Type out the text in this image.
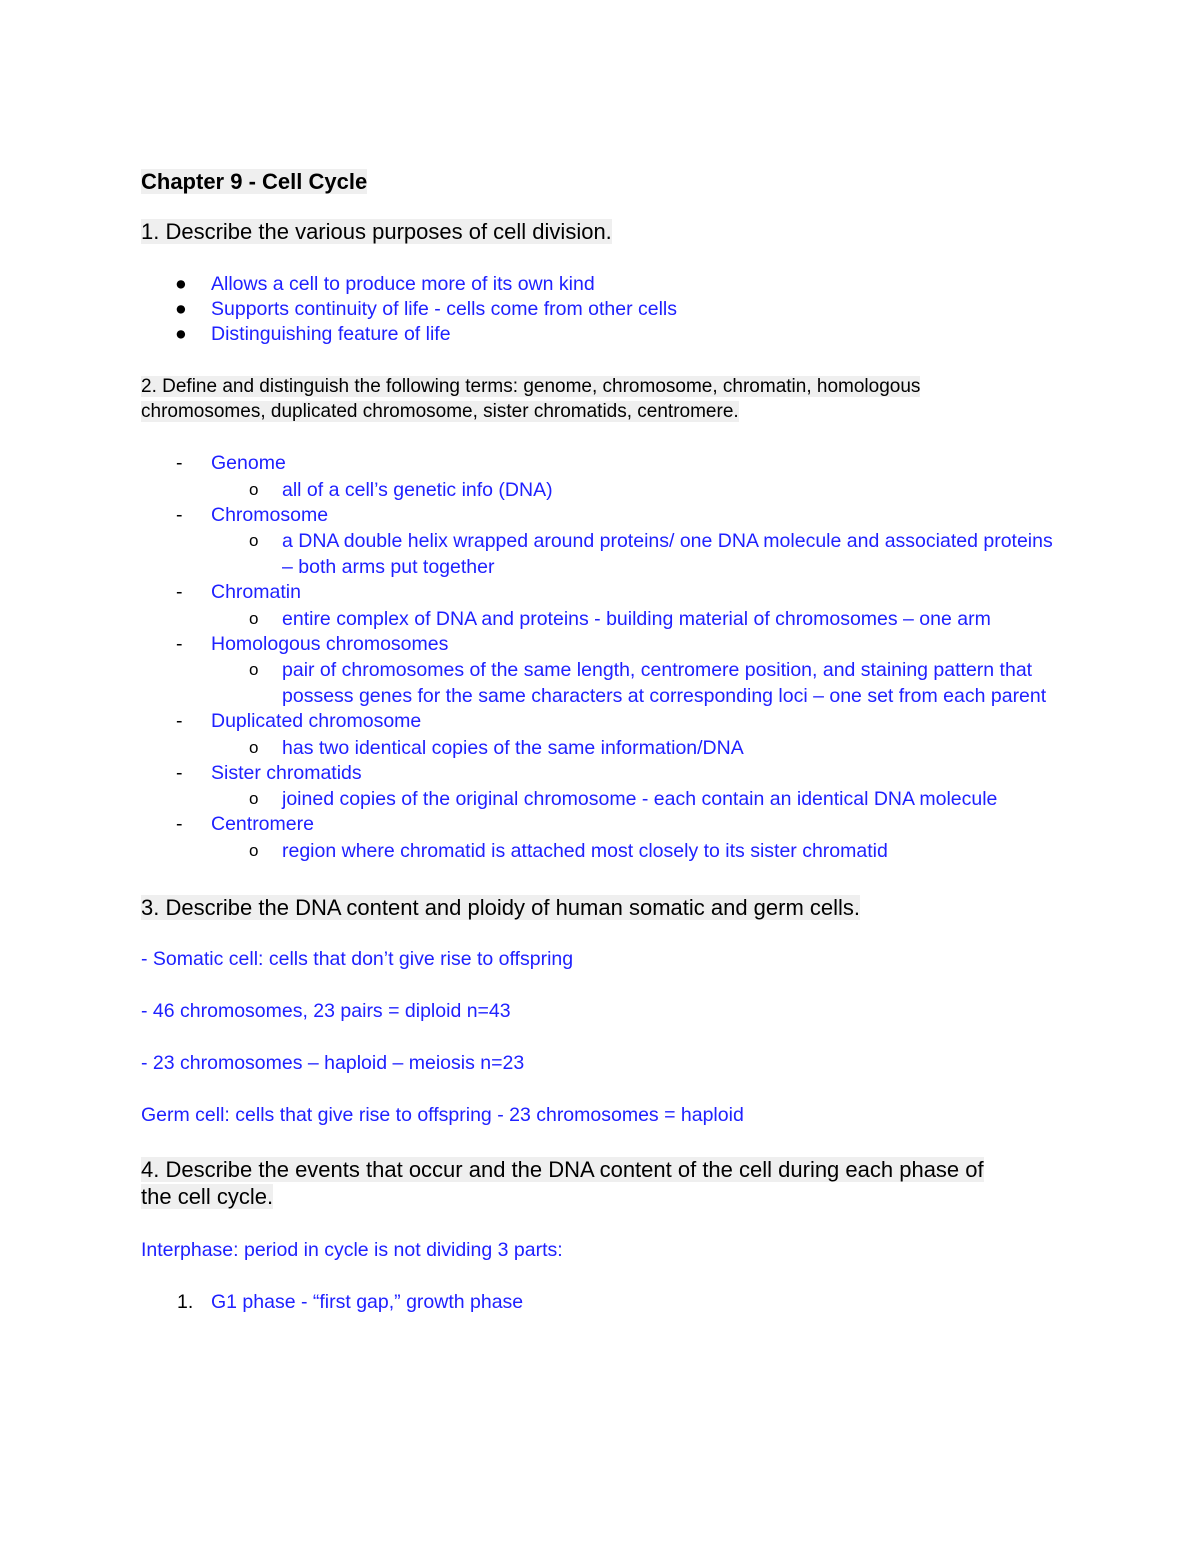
Chapter 9 - Cell Cycle

1. Describe the various purposes of cell division.

● Allows a cell to produce more of its own kind
● Supports continuity of life - cells come from other cells
● Distinguishing feature of life

2. Define and distinguish the following terms: genome, chromosome, chromatin, homologous
chromosomes, duplicated chromosome, sister chromatids, centromere.

- Genome
o all of a cell’s genetic info (DNA)
- Chromosome
o a DNA double helix wrapped around proteins/ one DNA molecule and associated proteins – both arms put together
- Chromatin
o entire complex of DNA and proteins - building material of chromosomes – one arm
- Homologous chromosomes
o pair of chromosomes of the same length, centromere position, and staining pattern that possess genes for the same characters at corresponding loci – one set from each parent
- Duplicated chromosome
o has two identical copies of the same information/DNA
- Sister chromatids
o joined copies of the original chromosome - each contain an identical DNA molecule
- Centromere
o region where chromatid is attached most closely to its sister chromatid

3. Describe the DNA content and ploidy of human somatic and germ cells.

- Somatic cell: cells that don’t give rise to offspring

- 46 chromosomes, 23 pairs = diploid n=43

- 23 chromosomes – haploid – meiosis n=23

Germ cell: cells that give rise to offspring - 23 chromosomes = haploid

4. Describe the events that occur and the DNA content of the cell during each phase of
the cell cycle.

Interphase: period in cycle is not dividing 3 parts:

1. G1 phase - “first gap,” growth phase
